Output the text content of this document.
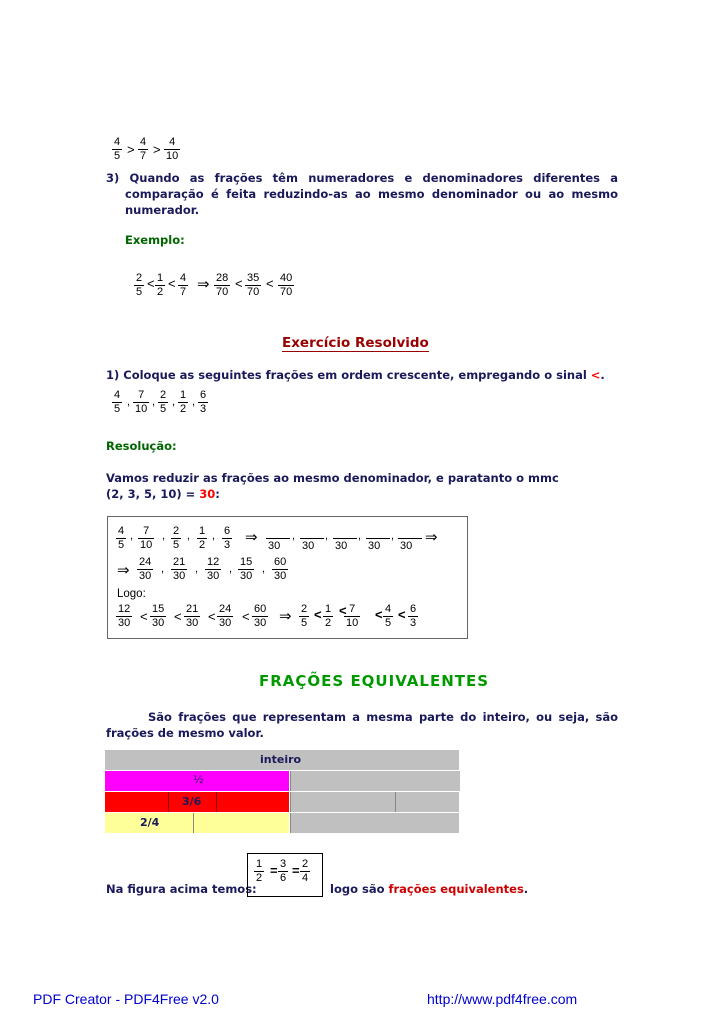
$\frac{4}{5} > \frac{4}{7} > \frac{4}{10}$
3) Quando as frações têm numeradores e denominadores diferentes a
comparação é feita reduzindo-as ao mesmo denominador ou ao mesmo
numerador.
Exemplo:
$\frac{2}{5} < \frac{1}{2} < \frac{4}{7}$ ⇒ $\frac{28}{70} < \frac{35}{70} < \frac{40}{70}$
Exercício Resolvido
1) Coloque as seguintes frações em ordem crescente, empregando o sinal <.
$\frac{4}{5}$ , $\frac{7}{10}$ , $\frac{2}{5}$ , $\frac{1}{2}$ , $\frac{6}{3}$
Resolução:
Vamos reduzir as frações ao mesmo denominador, e paratanto o mmc
(2, 3, 5, 10) = 30:
$\frac{4}{5}$ , $\frac{7}{10}$ , $\frac{2}{5}$ , $\frac{1}{2}$ , $\frac{6}{3}$ ⇒ 30
,
30
,
30
,
30
,
30 ⇒
⇒ $\frac{24}{30}$ , $\frac{21}{30}$ , $\frac{12}{30}$ , $\frac{15}{30}$ , $\frac{60}{30}$
Logo:
$\frac{12}{30} < \frac{15}{30} < \frac{21}{30} < \frac{24}{30} < \frac{60}{30}$ ⇒ $\frac{2}{5} < \frac{1}{2}$ <
$\frac{7}{10} < \frac{4}{5} < \frac{6}{3}$
FRAÇÕES EQUIVALENTES
São frações que representam a mesma parte do inteiro, ou seja, são
frações de mesmo valor.
inteiro
½
3/6
2/4
Na figura acima temos:
$\frac{1}{2} = \frac{3}{6} = \frac{2}{4}$
logo são frações equivalentes.
PDF Creator - PDF4Free v2.0	http://www.pdf4free.com
